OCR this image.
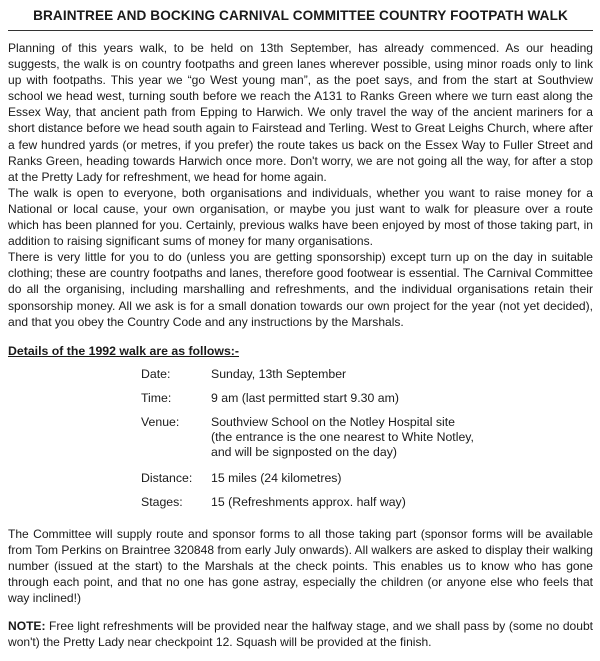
BRAINTREE AND BOCKING CARNIVAL COMMITTEE COUNTRY FOOTPATH WALK

Planning of this years walk, to be held on 13th September, has already commenced. As our heading suggests, the walk is on country footpaths and green lanes wherever possible, using minor roads only to link up with footpaths. This year we “go West young man”, as the poet says, and from the start at Southview school we head west, turning south before we reach the A131 to Ranks Green where we turn east along the Essex Way, that ancient path from Epping to Harwich. We only travel the way of the ancient mariners for a short distance before we head south again to Fairstead and Terling. West to Great Leighs Church, where after a few hundred yards (or metres, if you prefer) the route takes us back on the Essex Way to Fuller Street and Ranks Green, heading towards Harwich once more. Don't worry, we are not going all the way, for after a stop at the Pretty Lady for refreshment, we head for home again.

The walk is open to everyone, both organisations and individuals, whether you want to raise money for a National or local cause, your own organisation, or maybe you just want to walk for pleasure over a route which has been planned for you. Certainly, previous walks have been enjoyed by most of those taking part, in addition to raising significant sums of money for many organisations.

There is very little for you to do (unless you are getting sponsorship) except turn up on the day in suitable clothing; these are country footpaths and lanes, therefore good footwear is essential. The Carnival Committee do all the organising, including marshalling and refreshments, and the individual organisations retain their sponsorship money. All we ask is for a small donation towards our own project for the year (not yet decided), and that you obey the Country Code and any instructions by the Marshals.

Details of the 1992 walk are as follows:-
Date:	Sunday, 13th September

Time:	9 am (last permitted start 9.30 am)

Venue:	Southview School on the Notley Hospital site
(the entrance is the one nearest to White Notley,
and will be signposted on the day)

Distance:	15 miles (24 kilometres)

Stages:	15 (Refreshments approx. half way)

The Committee will supply route and sponsor forms to all those taking part (sponsor forms will be available from Tom Perkins on Braintree 320848 from early July onwards). All walkers are asked to display their walking number (issued at the start) to the Marshals at the check points. This enables us to know who has gone through each point, and that no one has gone astray, especially the children (or anyone else who feels that way inclined!)

NOTE: Free light refreshments will be provided near the halfway stage, and we shall pass by (some no doubt won't) the Pretty Lady near checkpoint 12. Squash will be provided at the finish.
